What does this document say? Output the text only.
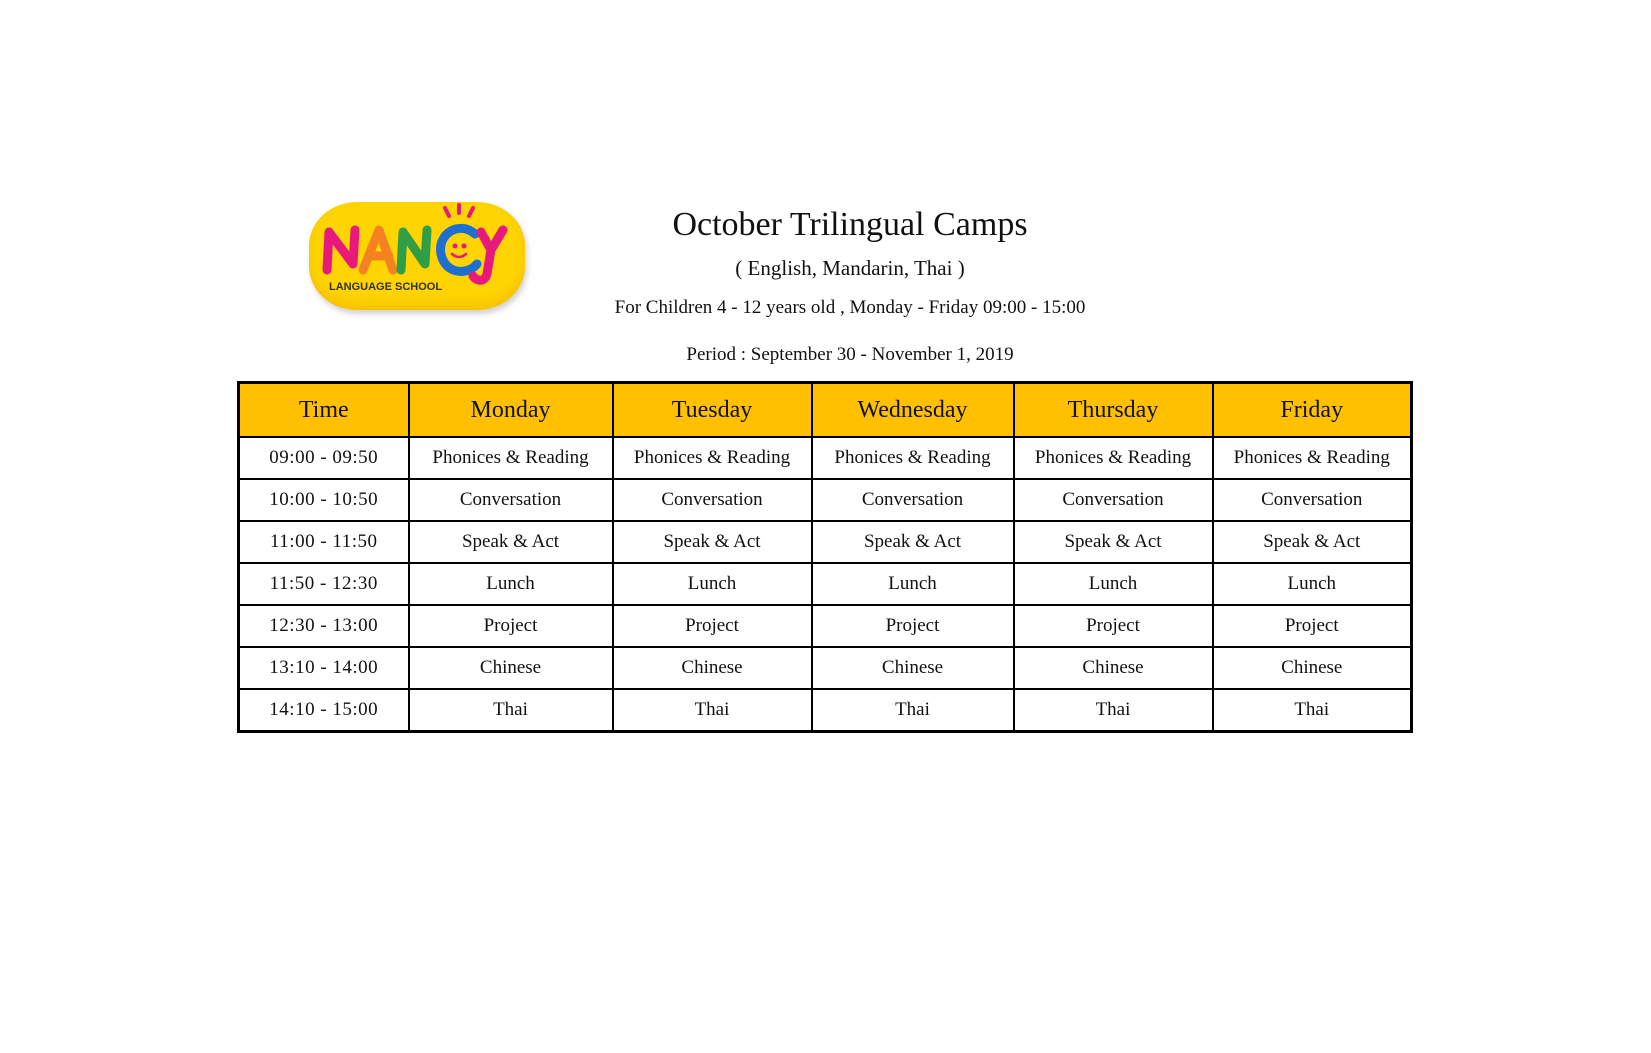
LANGUAGE SCHOOL
October Trilingual Camps
( English, Mandarin, Thai )
For Children 4 - 12 years old , Monday - Friday 09:00 - 15:00
Period : September 30 - November 1, 2019
Time	Monday	Tuesday	Wednesday	Thursday	Friday
09:00 - 09:50	Phonices & Reading	Phonices & Reading	Phonices & Reading	Phonices & Reading	Phonices & Reading
10:00 - 10:50	Conversation	Conversation	Conversation	Conversation	Conversation
11:00 - 11:50	Speak & Act	Speak & Act	Speak & Act	Speak & Act	Speak & Act
11:50 - 12:30	Lunch	Lunch	Lunch	Lunch	Lunch
12:30 - 13:00	Project	Project	Project	Project	Project
13:10 - 14:00	Chinese	Chinese	Chinese	Chinese	Chinese
14:10 - 15:00	Thai	Thai	Thai	Thai	Thai
